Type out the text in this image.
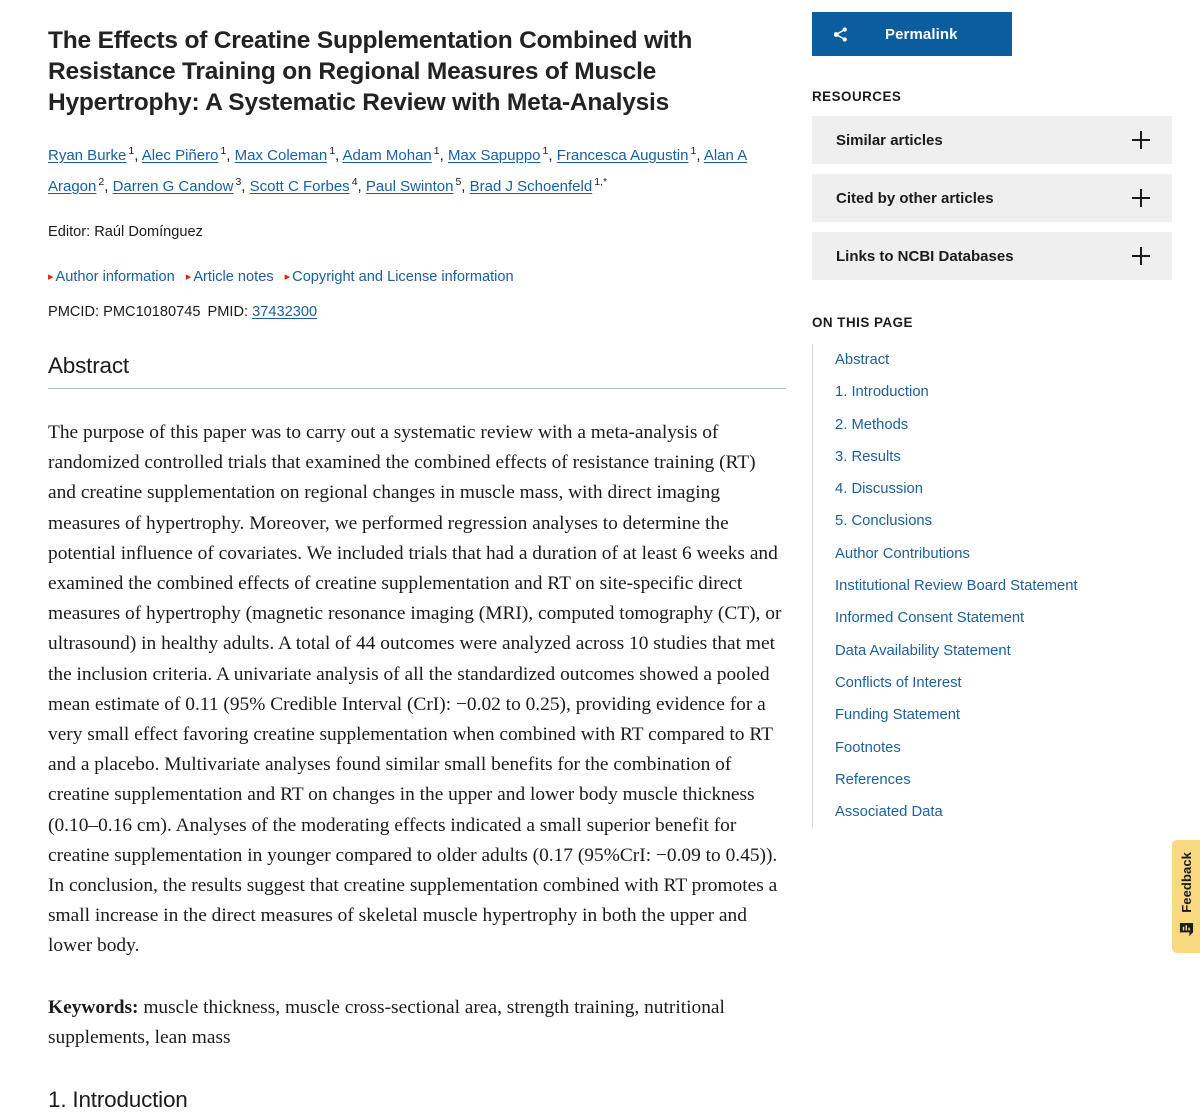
The Effects of Creatine Supplementation Combined with Resistance Training on Regional Measures of Muscle Hypertrophy: A Systematic Review with Meta-Analysis
Ryan Burke $^1$, Alec Piñero $^1$, Max Coleman $^1$, Adam Mohan $^1$, Max Sapuppo $^1$, Francesca Augustin $^1$, Alan A Aragon $^2$, Darren G Candow $^3$, Scott C Forbes $^4$, Paul Swinton $^5$, Brad J Schoenfeld $^{1,*}$
Editor: Raúl Domínguez
▸ Author information ▸ Article notes ▸ Copyright and License information
PMCID: PMC10180745 PMID: 37432300
Abstract

The purpose of this paper was to carry out a systematic review with a meta-analysis of randomized controlled trials that examined the combined effects of resistance training (RT) and creatine supplementation on regional changes in muscle mass, with direct imaging measures of hypertrophy. Moreover, we performed regression analyses to determine the potential influence of covariates. We included trials that had a duration of at least 6 weeks and examined the combined effects of creatine supplementation and RT on site-specific direct measures of hypertrophy (magnetic resonance imaging (MRI), computed tomography (CT), or ultrasound) in healthy adults. A total of 44 outcomes were analyzed across 10 studies that met the inclusion criteria. A univariate analysis of all the standardized outcomes showed a pooled mean estimate of 0.11 (95% Credible Interval (CrI): −0.02 to 0.25), providing evidence for a very small effect favoring creatine supplementation when combined with RT compared to RT and a placebo. Multivariate analyses found similar small benefits for the combination of creatine supplementation and RT on changes in the upper and lower body muscle thickness (0.10–0.16 cm). Analyses of the moderating effects indicated a small superior benefit for creatine supplementation in younger compared to older adults (0.17 (95%CrI: −0.09 to 0.45)). In conclusion, the results suggest that creatine supplementation combined with RT promotes a small increase in the direct measures of skeletal muscle hypertrophy in both the upper and lower body.

Keywords: muscle thickness, muscle cross-sectional area, strength training, nutritional supplements, lean mass

1. Introduction
Permalink
RESOURCES
Similar articles
Cited by other articles
Links to NCBI Databases
ON THIS PAGE
Abstract
1. Introduction
2. Methods
3. Results
4. Discussion
5. Conclusions
Author Contributions
Institutional Review Board Statement
Informed Consent Statement
Data Availability Statement
Conflicts of Interest
Funding Statement
Footnotes
References
Associated Data
Feedback
